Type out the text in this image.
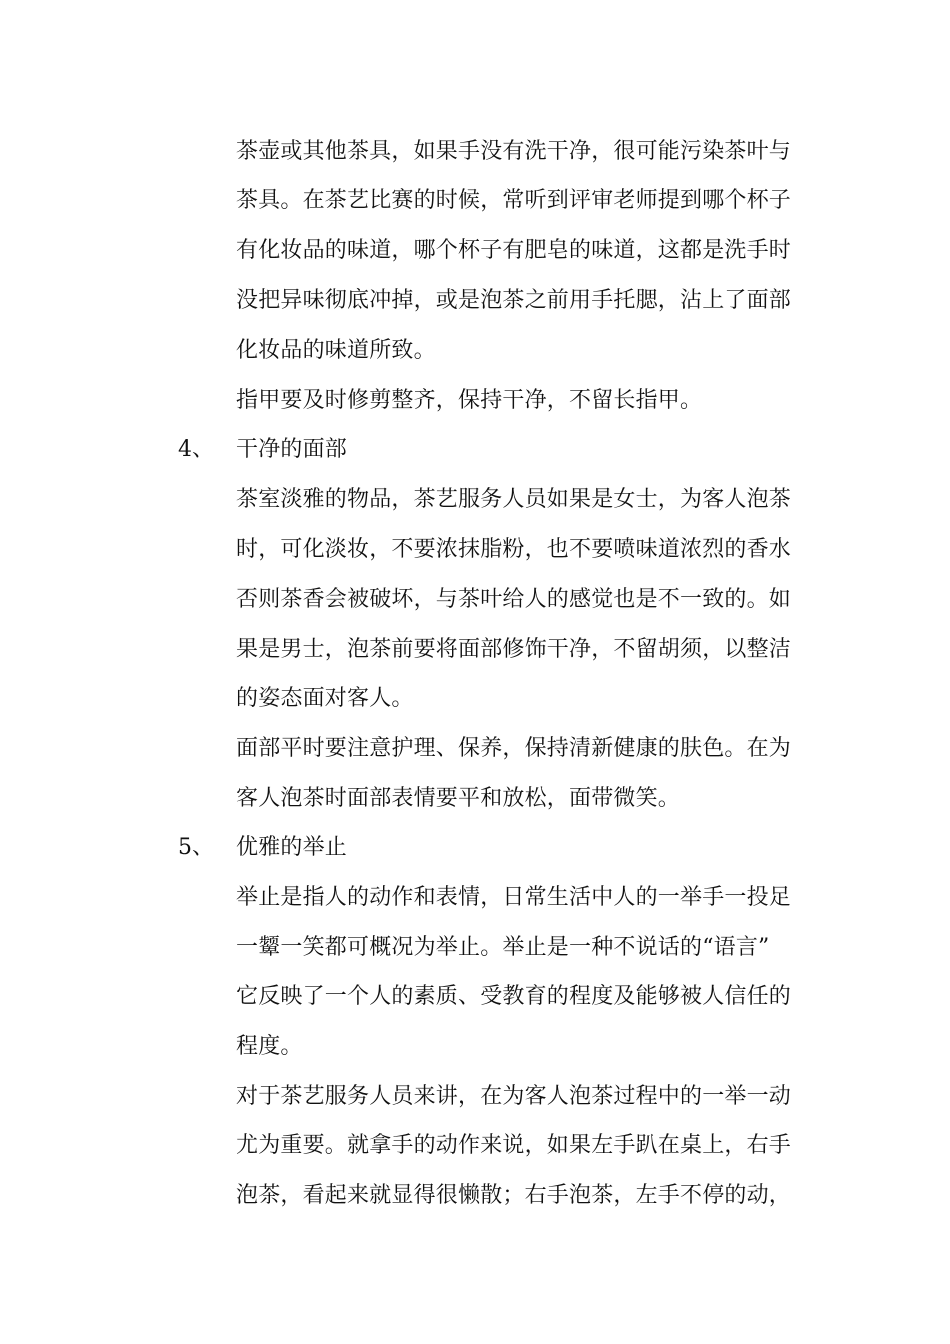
茶壶或其他茶具，如果手没有洗干净，很可能污染茶叶与
茶具。在茶艺比赛的时候，常听到评审老师提到哪个杯子
有化妆品的味道，哪个杯子有肥皂的味道，这都是洗手时
没把异味彻底冲掉，或是泡茶之前用手托腮，沾上了面部
化妆品的味道所致。
指甲要及时修剪整齐，保持干净，不留长指甲。
4、 干净的面部
茶室淡雅的物品，茶艺服务人员如果是女士，为客人泡茶
时，可化淡妆，不要浓抹脂粉，也不要喷味道浓烈的香水
否则茶香会被破坏，与茶叶给人的感觉也是不一致的。如
果是男士，泡茶前要将面部修饰干净，不留胡须，以整洁
的姿态面对客人。
面部平时要注意护理、保养，保持清新健康的肤色。在为
客人泡茶时面部表情要平和放松，面带微笑。
5、 优雅的举止
举止是指人的动作和表情，日常生活中人的一举手一投足
一颦一笑都可概况为举止。举止是一种不说话的“语言”
它反映了一个人的素质、受教育的程度及能够被人信任的
程度。
对于茶艺服务人员来讲，在为客人泡茶过程中的一举一动
尤为重要。就拿手的动作来说，如果左手趴在桌上，右手
泡茶，看起来就显得很懒散；右手泡茶，左手不停的动，
